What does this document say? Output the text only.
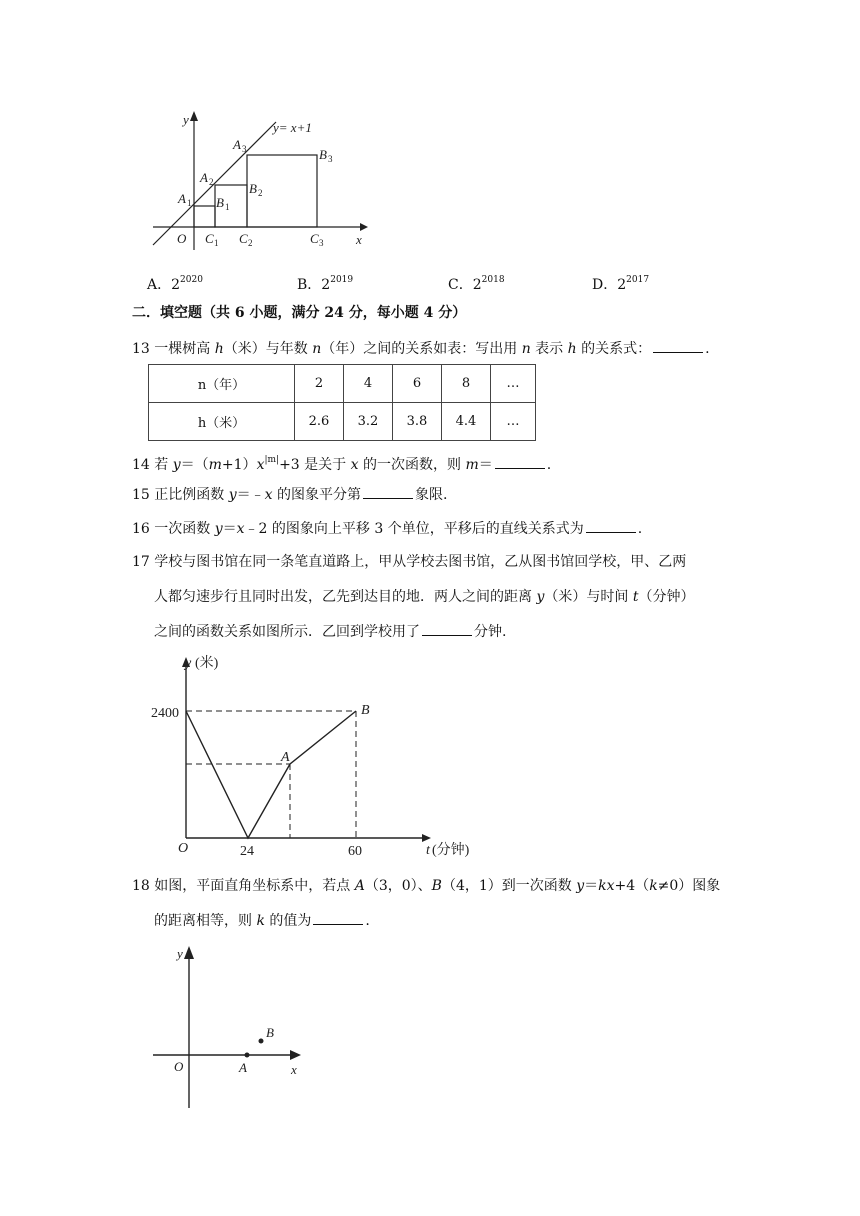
y
x
O
y= x+1
A 1
A 2
A 3
B 1
B 2
B 3
C 1 C 2	C 3
A．$2^{2020}$	B．$2^{2019}$	C．$2^{2018}$	D．$2^{2017}$
二．填空题（共 6 小题，满分 24 分，每小题 4 分）
13 一棵树高 h（米）与年数 n（年）之间的关系如表：写出用 n 表示 h 的关系式：	.
n（年）	2	4	6	8	…
h（米）	2.6	3.2	3.8	4.4	…
14 若 $y=(m+1)x^{|m|}+3$ 是关于 x 的一次函数，则 m＝	.
15 正比例函数 y＝﹣x 的图象平分第	象限.
16 一次函数 y＝x﹣2 的图象向上平移 3 个单位，平移后的直线关系式为	.
17 学校与图书馆在同一条笔直道路上，甲从学校去图书馆，乙从图书馆回学校，甲、乙两
人都匀速步行且同时出发，乙先到达目的地．两人之间的距离 y（米）与时间 t（分钟）
之间的函数关系如图所示．乙回到学校用了	分钟.
y (米)
t (分钟)
O
2400
24	60
A
B
18 如图，平面直角坐标系中，若点 A（3，0）、B（4，1）到一次函数 y＝kx+4（k≠0）图象
的距离相等，则 k 的值为	.
y
x
O	A
B
